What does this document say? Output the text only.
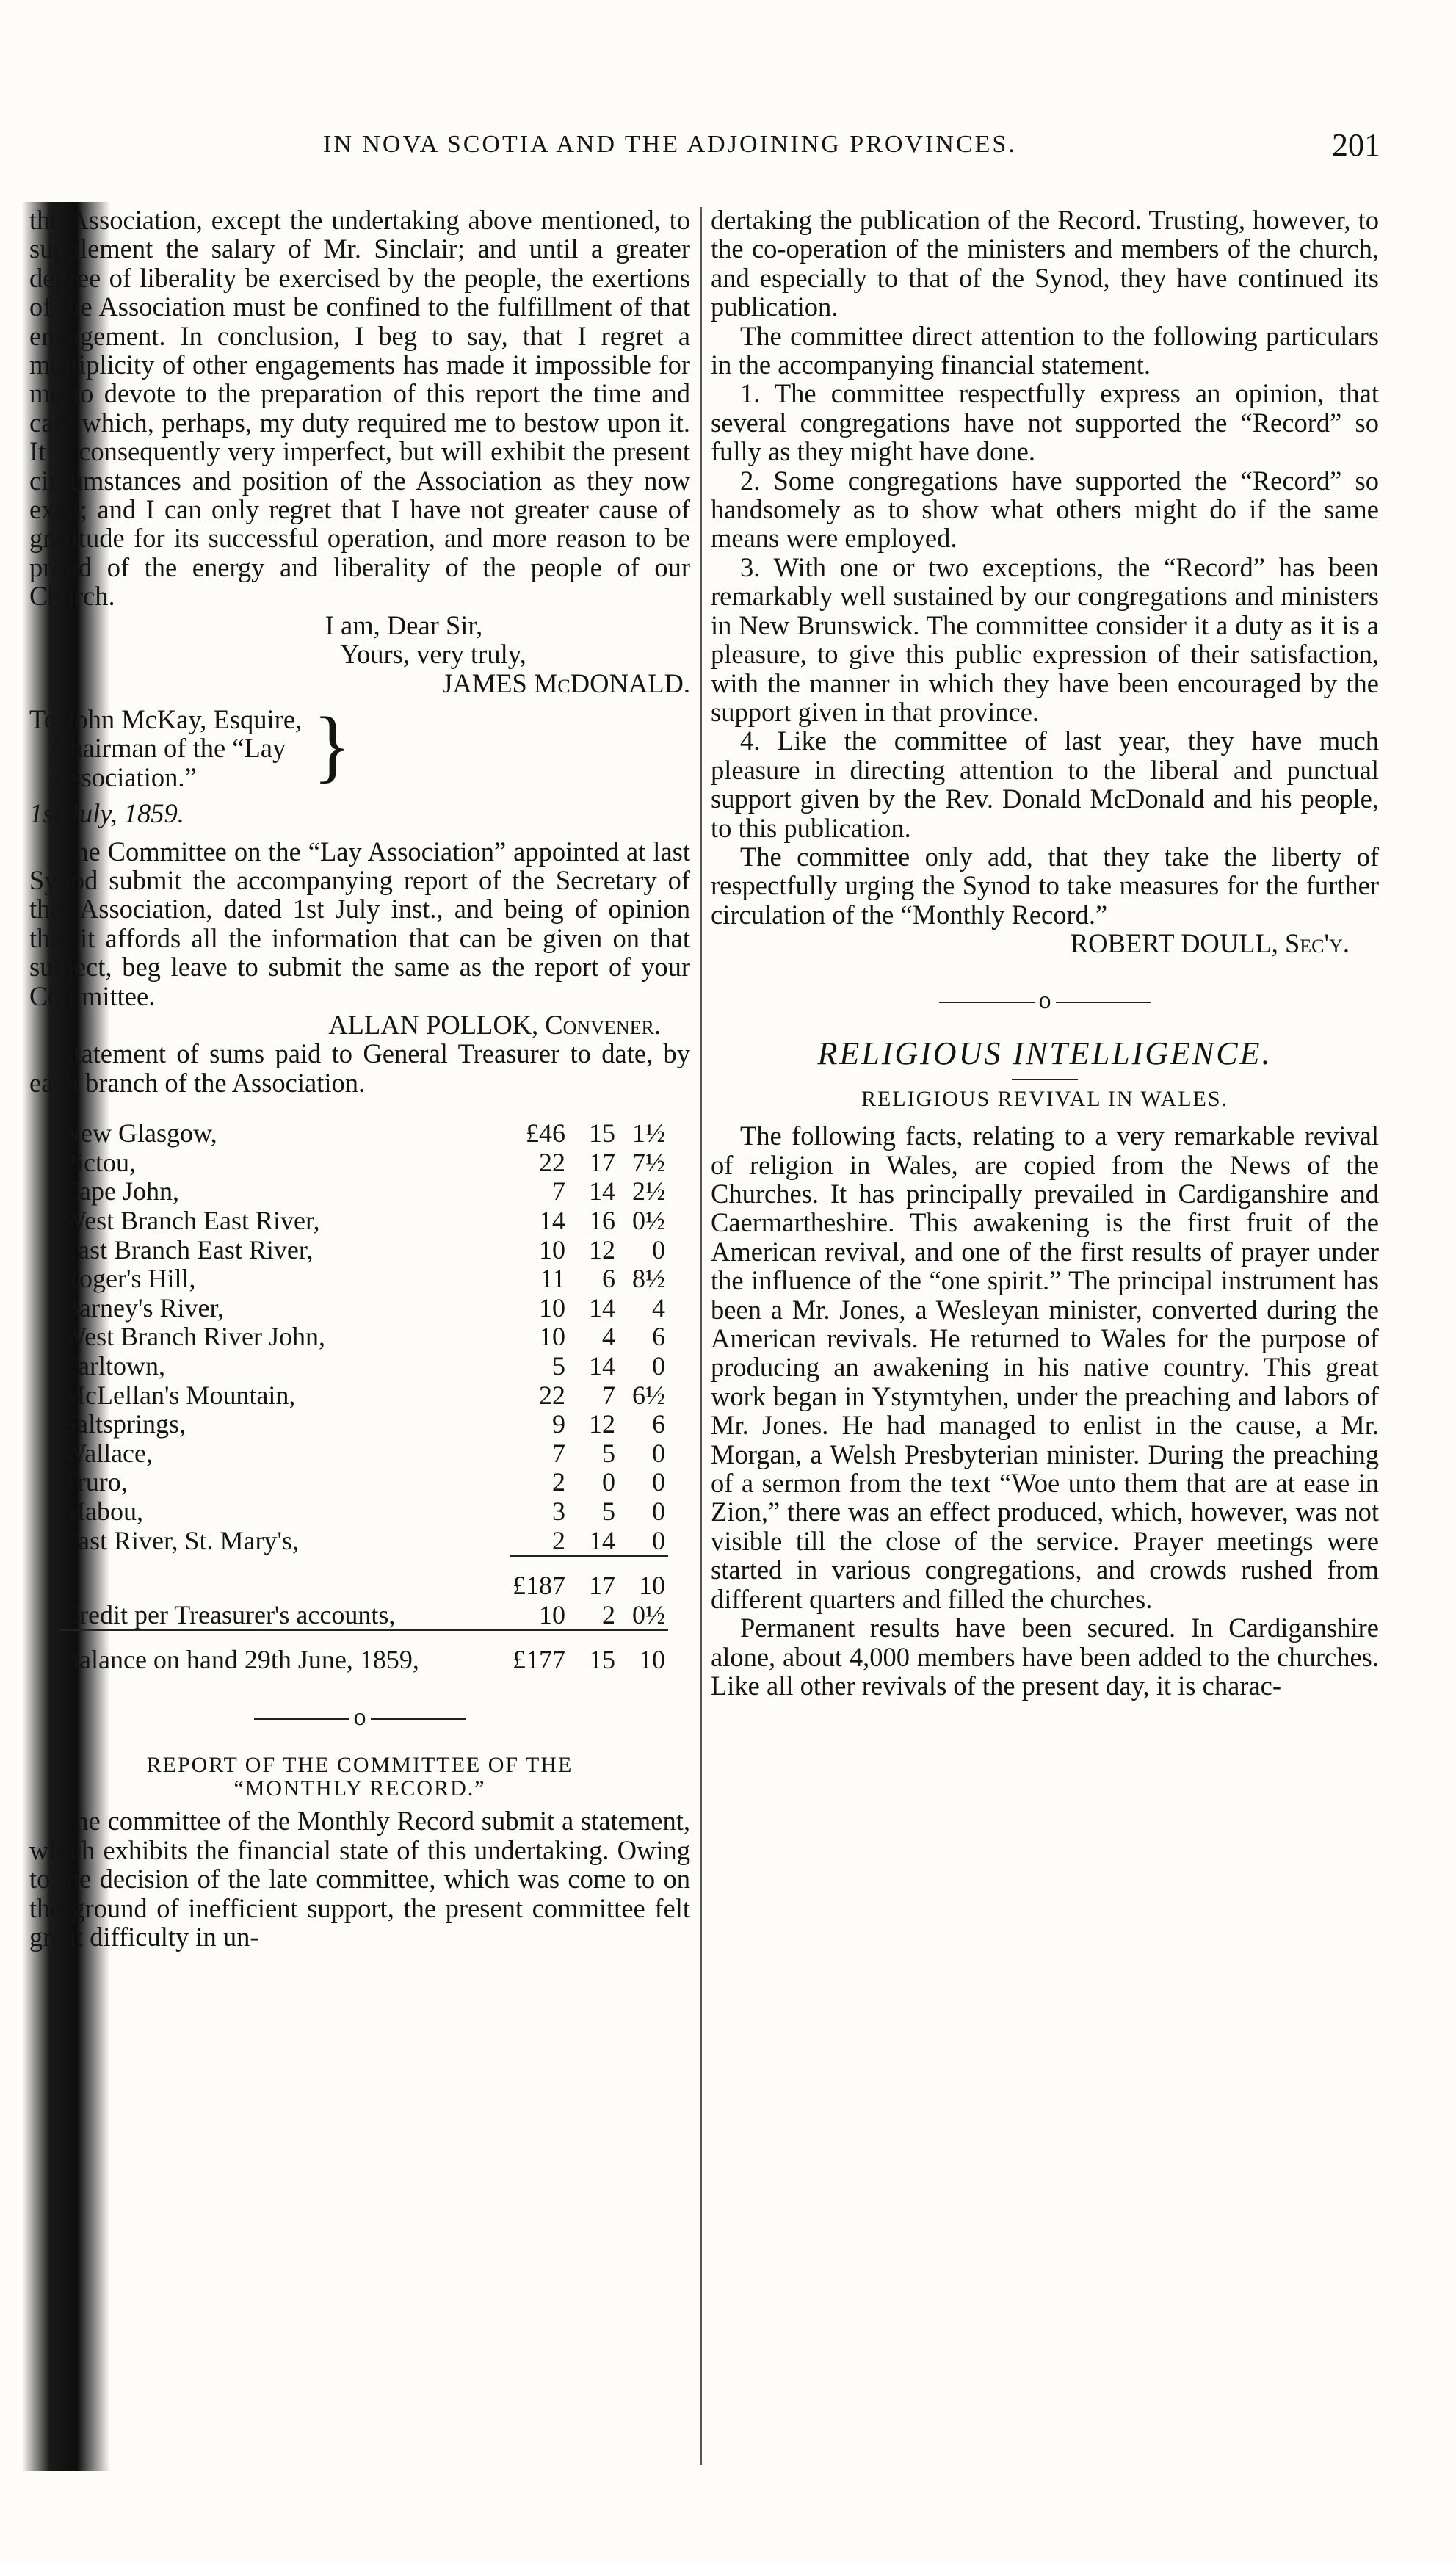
IN NOVA SCOTIA AND THE ADJOINING PROVINCES.	201

the Association, except the undertaking above mentioned, to supplement the salary of Mr. Sinclair; and until a greater degree of liberality be exercised by the people, the exertions of the Association must be confined to the fulfillment of that engagement. In conclusion, I beg to say, that I regret a multiplicity of other engagements has made it impossible for me to devote to the preparation of this report the time and care which, perhaps, my duty required me to bestow upon it. It is consequently very imperfect, but will exhibit the present circumstances and position of the Association as they now exist; and I can only regret that I have not greater cause of gratitude for its successful operation, and more reason to be proud of the energy and liberality of the people of our Church.

I am, Dear Sir,

Yours, very truly,

JAMES McDONALD.

To John McKay, Esquire,
Chairman of the “Lay
Association.”	}

1st July, 1859.

The Committee on the “Lay Association” appointed at last Synod submit the accompanying report of the Secretary of that Association, dated 1st July inst., and being of opinion that it affords all the information that can be given on that subject, beg leave to submit the same as the report of your Committee.

ALLAN POLLOK, Convener.

Statement of sums paid to General Treasurer to date, by each branch of the Association.

New Glasgow,	£46	15	1½
Pictou,	22	17	7½
Cape John,	7	14	2½
West Branch East River,	14	16	0½
East Branch East River,	10	12	0
Roger's Hill,	11	6	8½
Barney's River,	10	14	4
West Branch River John,	10	4	6
Earltown,	5	14	0
McLellan's Mountain,	22	7	6½
Saltsprings,	9	12	6
Wallace,	7	5	0
Truro,	2	0	0
Mabou,	3	5	0
East River, St. Mary's,	2	14	0
	£187	17	10
Credit per Treasurer's accounts,	10	2	0½
Balance on hand 29th June, 1859,	£177	15	10
o

REPORT OF THE COMMITTEE OF THE

“MONTHLY RECORD.”

The committee of the Monthly Record submit a statement, which exhibits the financial state of this undertaking. Owing to the decision of the late committee, which was come to on the ground of inefficient support, the present committee felt great difficulty in un-

dertaking the publication of the Record. Trusting, however, to the co-operation of the ministers and members of the church, and especially to that of the Synod, they have continued its publication.

The committee direct attention to the following particulars in the accompanying financial statement.

1. The committee respectfully express an opinion, that several congregations have not supported the “Record” so fully as they might have done.

2. Some congregations have supported the “Record” so handsomely as to show what others might do if the same means were employed.

3. With one or two exceptions, the “Record” has been remarkably well sustained by our congregations and ministers in New Brunswick. The committee consider it a duty as it is a pleasure, to give this public expression of their satisfaction, with the manner in which they have been encouraged by the support given in that province.

4. Like the committee of last year, they have much pleasure in directing attention to the liberal and punctual support given by the Rev. Donald McDonald and his people, to this publication.

The committee only add, that they take the liberty of respectfully urging the Synod to take measures for the further circulation of the “Monthly Record.”

ROBERT DOULL, Sec'y.

o

RELIGIOUS INTELLIGENCE.

RELIGIOUS REVIVAL IN WALES.

The following facts, relating to a very remarkable revival of religion in Wales, are copied from the News of the Churches. It has principally prevailed in Cardiganshire and Caermartheshire. This awakening is the first fruit of the American revival, and one of the first results of prayer under the influence of the “one spirit.” The principal instrument has been a Mr. Jones, a Wesleyan minister, converted during the American revivals. He returned to Wales for the purpose of producing an awakening in his native country. This great work began in Ystymtyhen, under the preaching and labors of Mr. Jones. He had managed to enlist in the cause, a Mr. Morgan, a Welsh Presbyterian minister. During the preaching of a sermon from the text “Woe unto them that are at ease in Zion,” there was an effect produced, which, however, was not visible till the close of the service. Prayer meetings were started in various congregations, and crowds rushed from different quarters and filled the churches.

Permanent results have been secured. In Cardiganshire alone, about 4,000 members have been added to the churches. Like all other revivals of the present day, it is charac-
